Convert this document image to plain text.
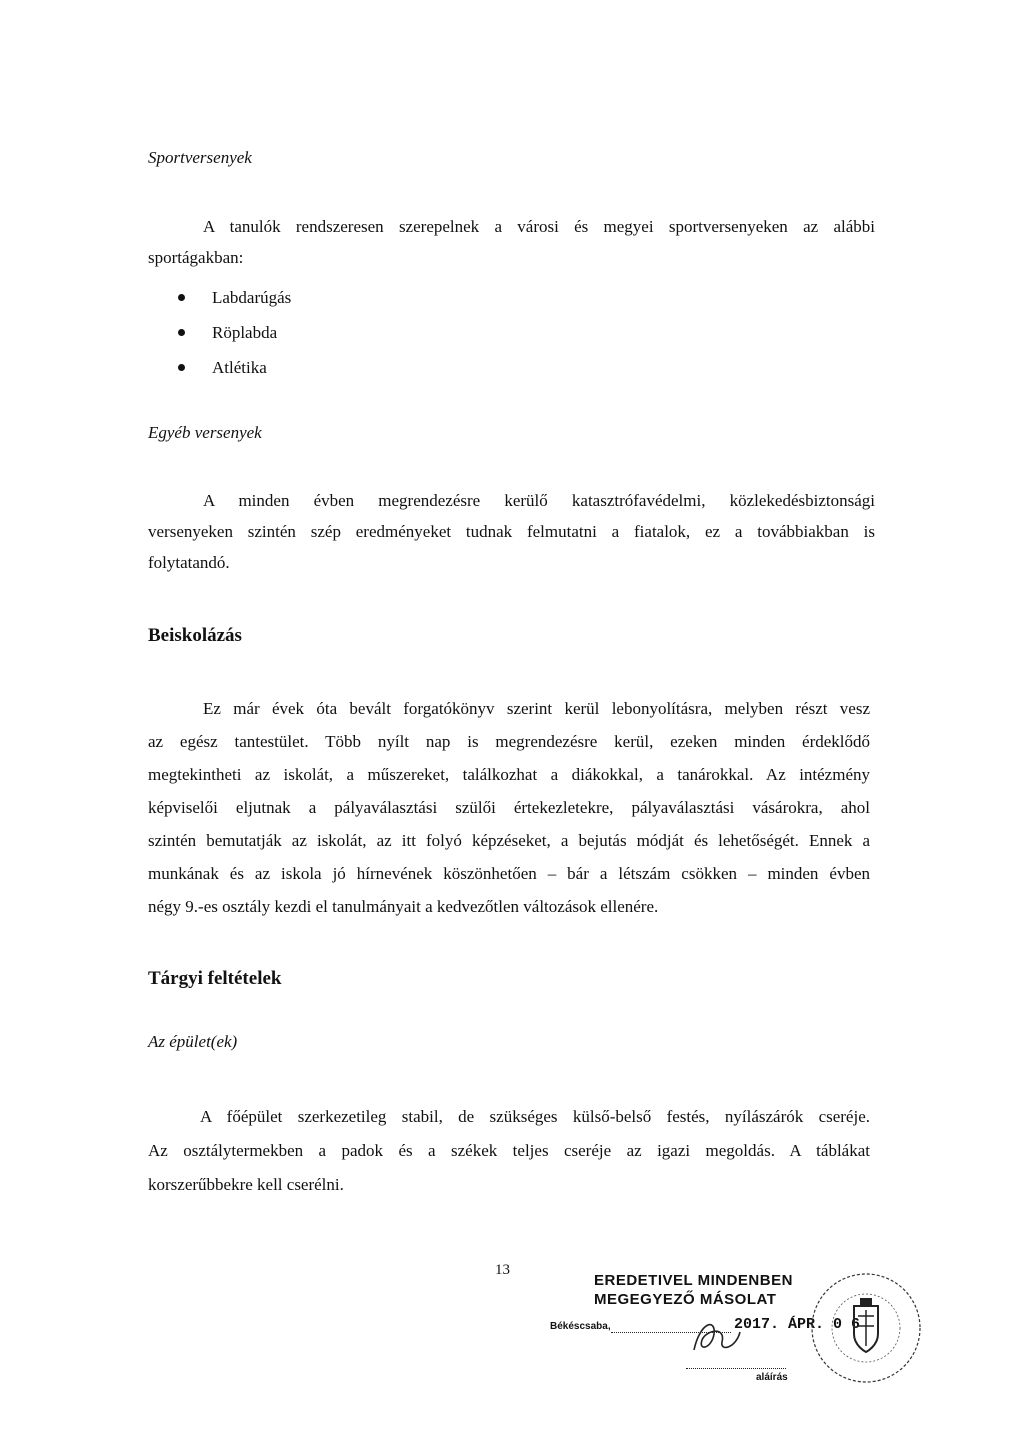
Sportversenyek
A tanulók rendszeresen szerepelnek a városi és megyei sportversenyeken az alábbi
sportágakban:
Labdarúgás
Röplabda
Atlétika
Egyéb versenyek
A minden évben megrendezésre kerülő katasztrófavédelmi, közlekedésbiztonsági
versenyeken szintén szép eredményeket tudnak felmutatni a fiatalok, ez a továbbiakban is
folytatandó.
Beiskolázás
Ez már évek óta bevált forgatókönyv szerint kerül lebonyolításra, melyben részt vesz
az egész tantestület. Több nyílt nap is megrendezésre kerül, ezeken minden érdeklődő
megtekintheti az iskolát, a műszereket, találkozhat a diákokkal, a tanárokkal. Az intézmény
képviselői eljutnak a pályaválasztási szülői értekezletekre, pályaválasztási vásárokra, ahol
szintén bemutatják az iskolát, az itt folyó képzéseket, a bejutás módját és lehetőségét. Ennek a
munkának és az iskola jó hírnevének köszönhetően – bár a létszám csökken – minden évben
négy 9.-es osztály kezdi el tanulmányait a kedvezőtlen változások ellenére.
Tárgyi feltételek
Az épület(ek)
A főépület szerkezetileg stabil, de szükséges külső-belső festés, nyílászárók cseréje.
Az osztálytermekben a padok és a székek teljes cseréje az igazi megoldás. A táblákat
korszerűbbekre kell cserélni.
13
EREDETIVEL MINDENBEN
MEGEGYEZŐ MÁSOLAT
Békéscsaba,	2017. ÁPR. 0 6
aláírás
